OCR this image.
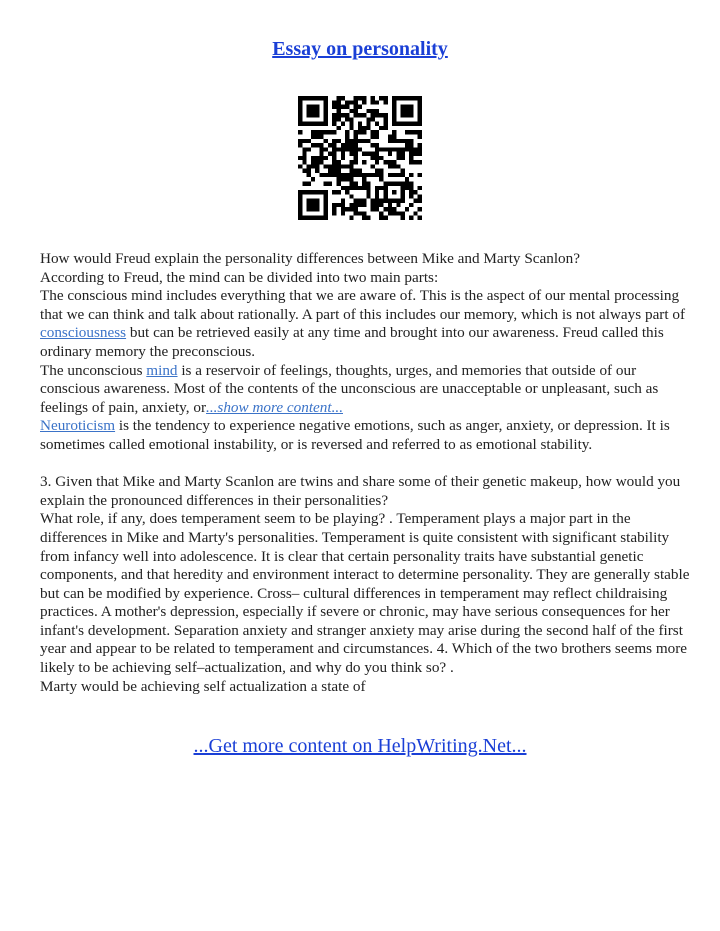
Essay on personality

How would Freud explain the personality differences between Mike and Marty Scanlon?

According to Freud, the mind can be divided into two main parts:

The conscious mind includes everything that we are aware of. This is the aspect of our mental processing that we can think and talk about rationally. A part of this includes our memory, which is not always part of consciousness but can be retrieved easily at any time and brought into our awareness. Freud called this ordinary memory the preconscious.

The unconscious mind is a reservoir of feelings, thoughts, urges, and memories that outside of our conscious awareness. Most of the contents of the unconscious are unacceptable or unpleasant, such as feelings of pain, anxiety, or...show more content...

Neuroticism is the tendency to experience negative emotions, such as anger, anxiety, or depression. It is sometimes called emotional instability, or is reversed and referred to as emotional stability.

3. Given that Mike and Marty Scanlon are twins and share some of their genetic makeup, how would you explain the pronounced differences in their personalities?

What role, if any, does temperament seem to be playing? . Temperament plays a major part in the differences in Mike and Marty's personalities. Temperament is quite consistent with significant stability from infancy well into adolescence. It is clear that certain personality traits have substantial genetic components, and that heredity and environment interact to determine personality. They are generally stable but can be modified by experience. Cross– cultural differences in temperament may reflect childraising practices. A mother's depression, especially if severe or chronic, may have serious consequences for her infant's development. Separation anxiety and stranger anxiety may arise during the second half of the first year and appear to be related to temperament and circumstances. 4. Which of the two brothers seems more likely to be achieving self–actualization, and why do you think so? .

Marty would be achieving self actualization a state of

...Get more content on HelpWriting.Net...
